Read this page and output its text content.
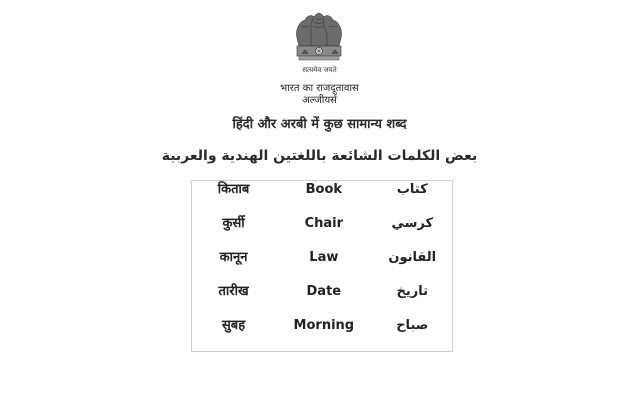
सत्यमेव जयते
भारत का राजदूतावास
अल्जीयर्स
हिंदी और अरबी में कुछ सामान्य शब्द
بعض الكلمات الشائعة باللغتين الهندية والعربية
किताब	Book	كتاب
कुर्सी	Chair	كرسي
कानून	Law	القانون
तारीख	Date	تاريخ
सुबह	Morning	صباح
